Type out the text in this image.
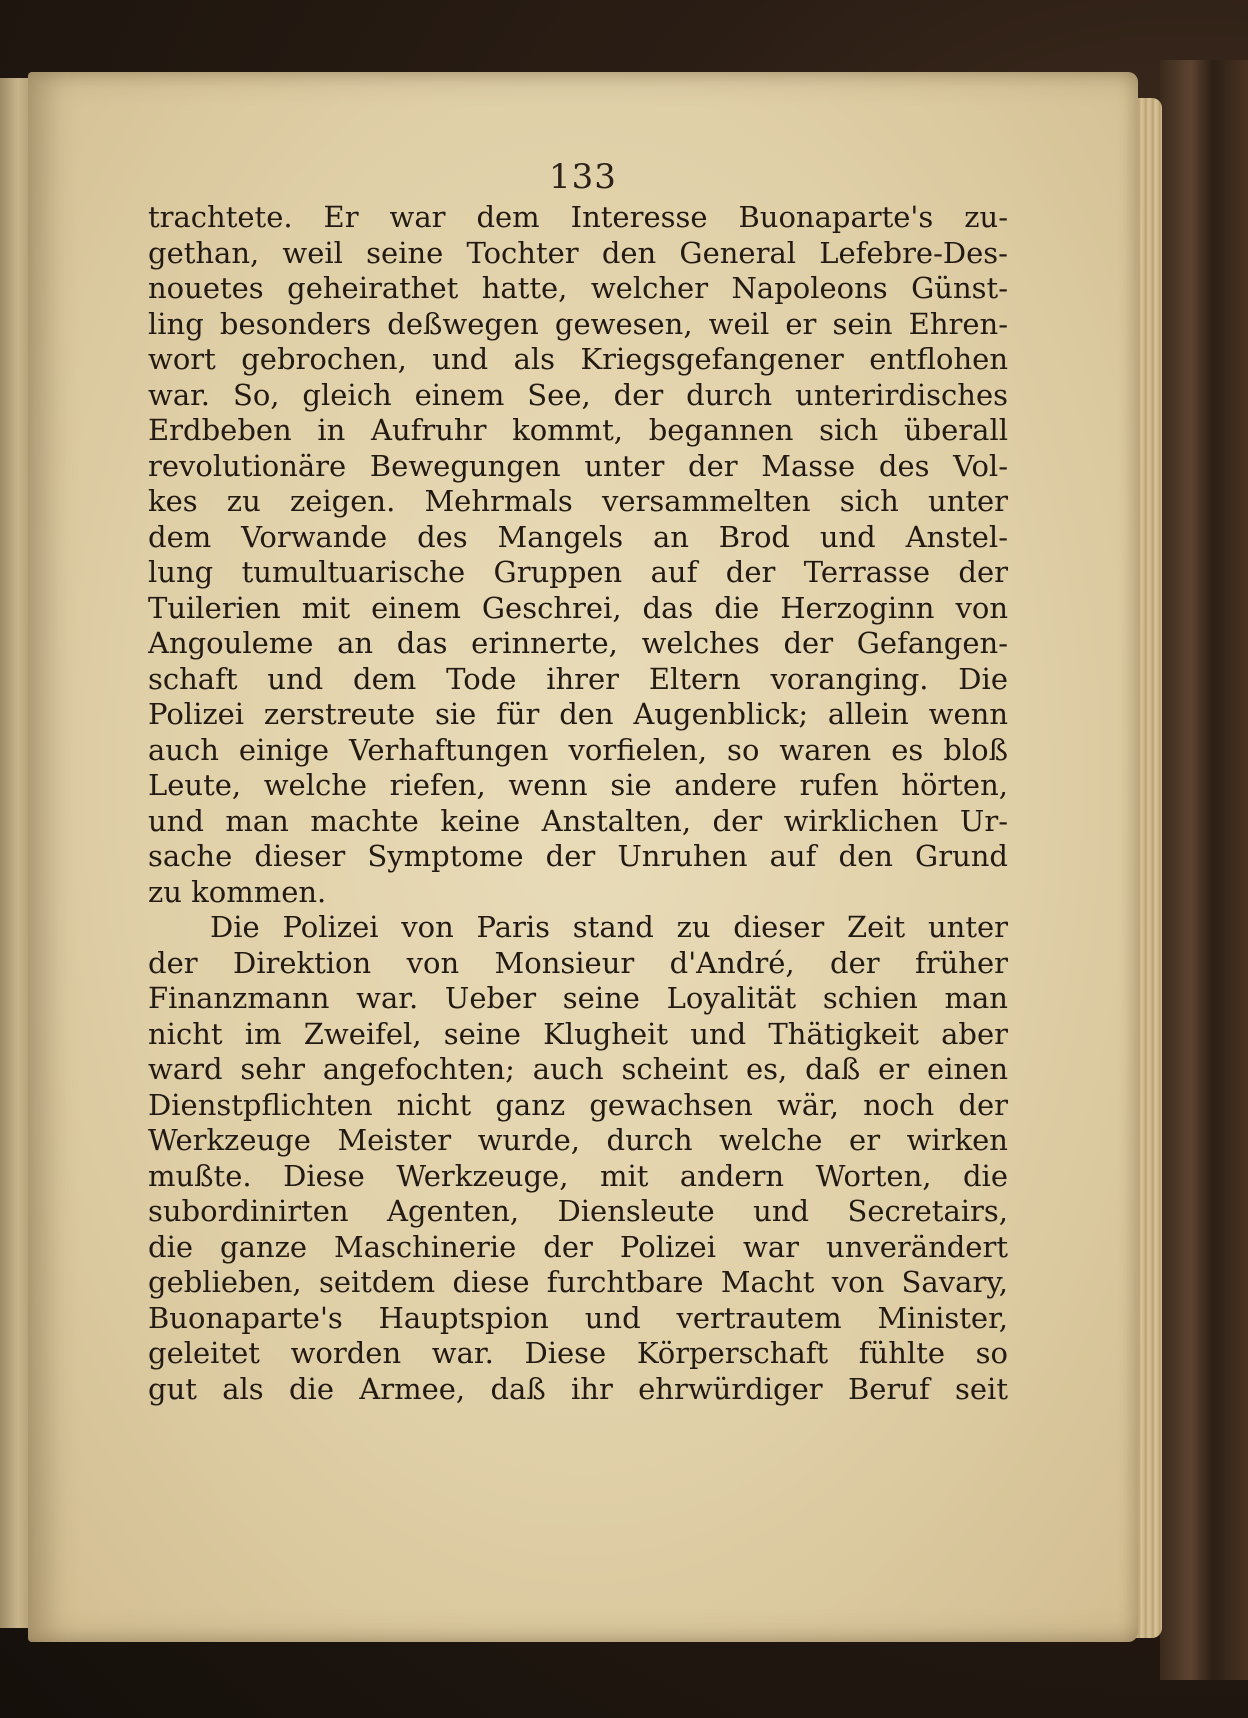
133
trachtete. Er war dem Interesse Buonaparte's zu-
gethan, weil seine Tochter den General Lefebre-Des-
nouetes geheirathet hatte, welcher Napoleons Günst-
ling besonders deßwegen gewesen, weil er sein Ehren-
wort gebrochen, und als Kriegsgefangener entflohen
war. So, gleich einem See, der durch unterirdisches
Erdbeben in Aufruhr kommt, begannen sich überall
revolutionäre Bewegungen unter der Masse des Vol-
kes zu zeigen. Mehrmals versammelten sich unter
dem Vorwande des Mangels an Brod und Anstel-
lung tumultuarische Gruppen auf der Terrasse der
Tuilerien mit einem Geschrei, das die Herzoginn von
Angouleme an das erinnerte, welches der Gefangen-
schaft und dem Tode ihrer Eltern voranging. Die
Polizei zerstreute sie für den Augenblick; allein wenn
auch einige Verhaftungen vorfielen, so waren es bloß
Leute, welche riefen, wenn sie andere rufen hörten,
und man machte keine Anstalten, der wirklichen Ur-
sache dieser Symptome der Unruhen auf den Grund
zu kommen.
Die Polizei von Paris stand zu dieser Zeit unter
der Direktion von Monsieur d'André, der früher
Finanzmann war. Ueber seine Loyalität schien man
nicht im Zweifel, seine Klugheit und Thätigkeit aber
ward sehr angefochten; auch scheint es, daß er einen
Dienstpflichten nicht ganz gewachsen wär, noch der
Werkzeuge Meister wurde, durch welche er wirken
mußte. Diese Werkzeuge, mit andern Worten, die
subordinirten Agenten, Diensleute und Secretairs,
die ganze Maschinerie der Polizei war unverändert
geblieben, seitdem diese furchtbare Macht von Savary,
Buonaparte's Hauptspion und vertrautem Minister,
geleitet worden war. Diese Körperschaft fühlte so
gut als die Armee, daß ihr ehrwürdiger Beruf seit
